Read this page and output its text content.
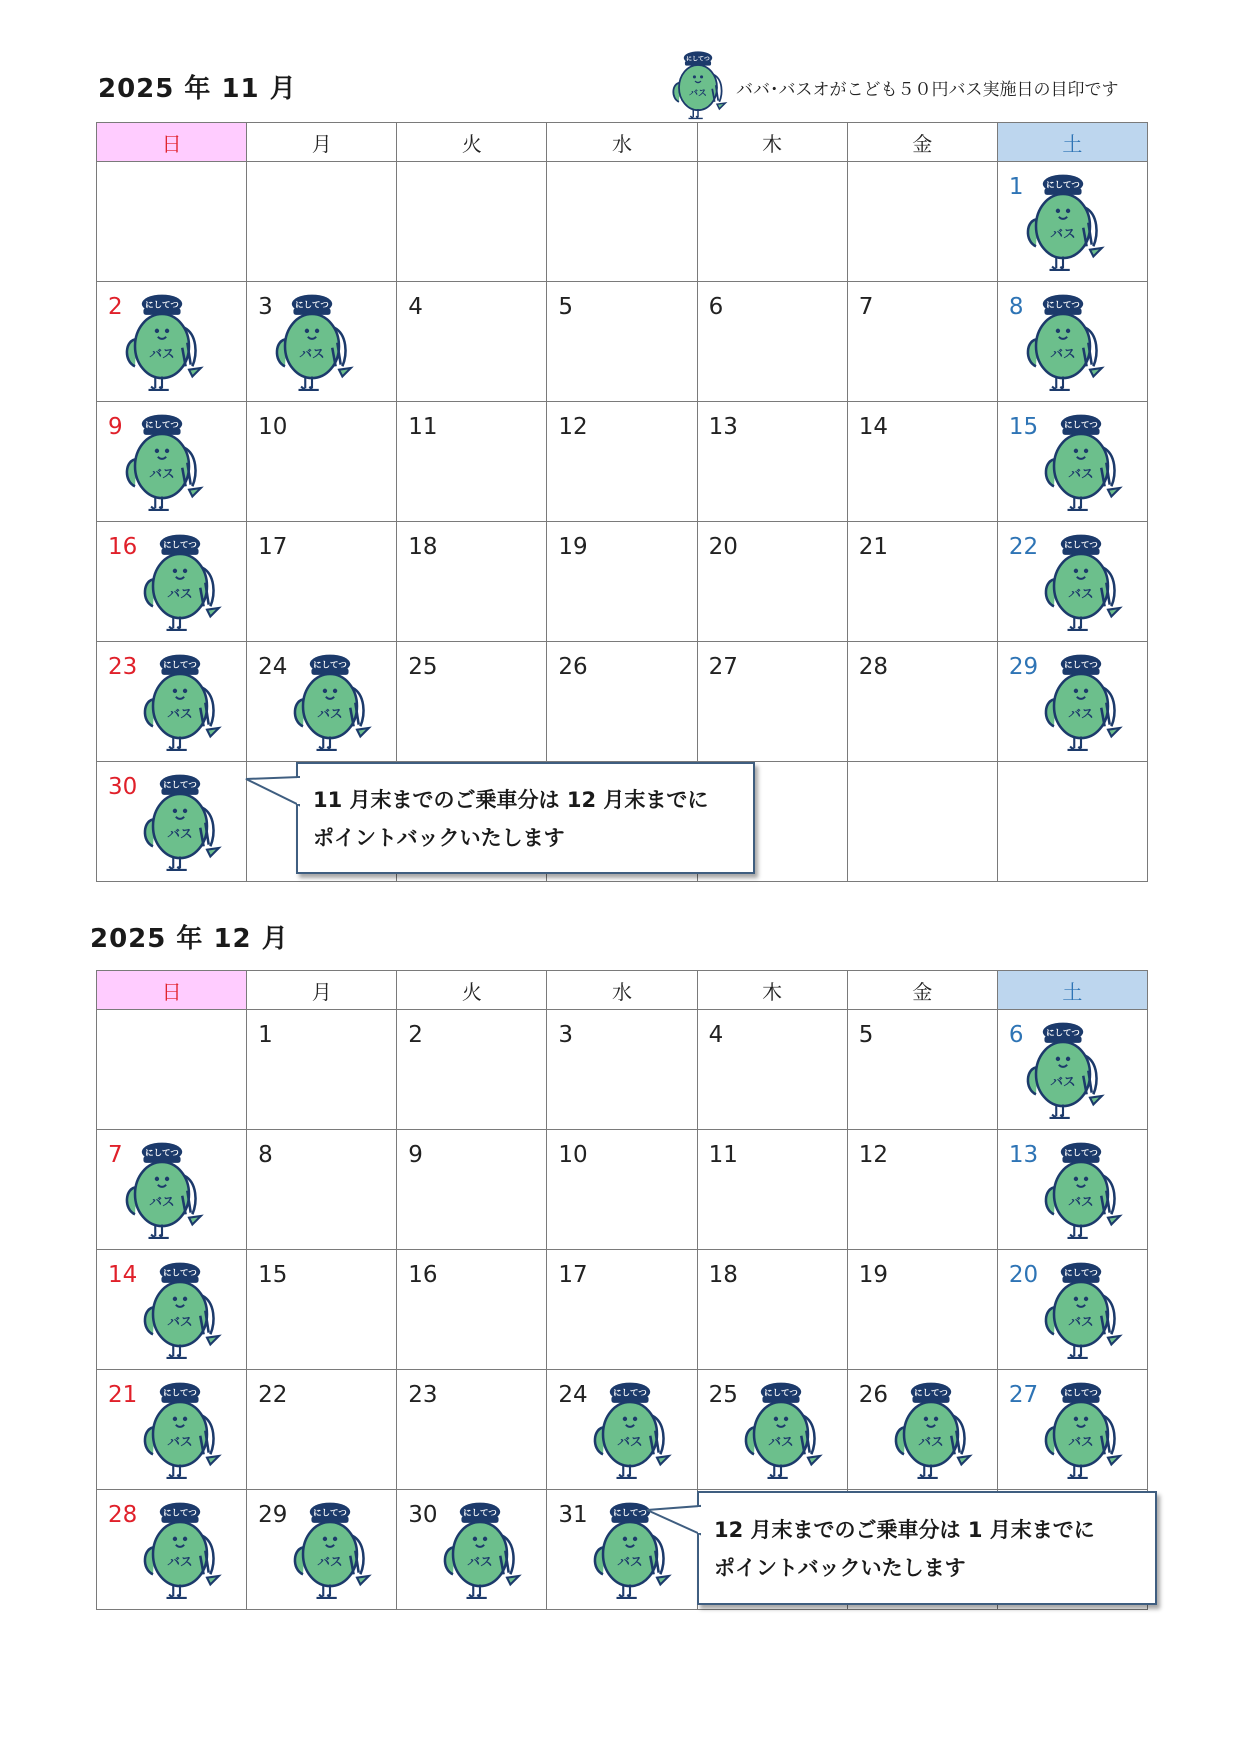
2025 年 11 月
にしてつ
バス ババ･バスオがこども５０円バス実施日の目印です
日	月	火	水	木	金	土

						1 にしてつ
バス

2 にしてつ
バス	3 にしてつ
バス	4	5	6	7	8 にしてつ
バス

9 にしてつ
バス	10	11	12	13	14	15 にしてつ
バス

16 にしてつ
バス	17	18	19	20	21	22 にしてつ
バス

23 にしてつ
バス	24 にしてつ
バス	25	26	27	28	29 にしてつ
バス

30 にしてつ
バス						

11 月末までのご乗車分は 12 月末までに
ポイントバックいたします
2025 年 12 月
日	月	火	水	木	金	土

	1	2	3	4	5	6 にしてつ
バス

7 にしてつ
バス	8	9	10	11	12	13 にしてつ
バス

14 にしてつ
バス	15	16	17	18	19	20 にしてつ
バス

21 にしてつ
バス	22	23	24 にしてつ
バス	25 にしてつ
バス	26 にしてつ
バス	27 にしてつ
バス

28 にしてつ
バス	29 にしてつ
バス	30 にしてつ
バス	31 にしてつ
バス			

12 月末までのご乗車分は 1 月末までに
ポイントバックいたします
